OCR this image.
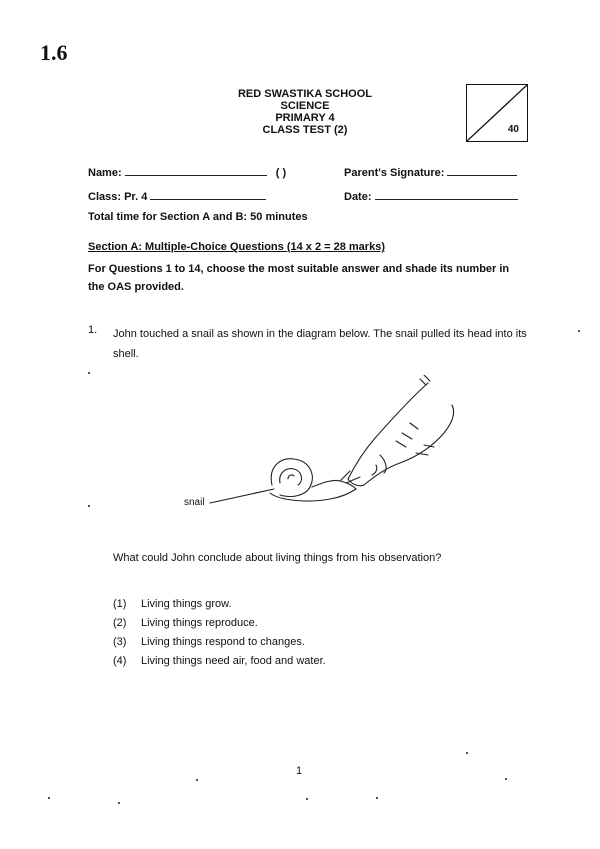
1.6
RED SWASTIKA SCHOOL
SCIENCE
PRIMARY 4
CLASS TEST (2)	40
Name:	( )	Parent's Signature:
Class: Pr. 4	Date:
Total time for Section A and B: 50 minutes
Section A: Multiple-Choice Questions (14 x 2 = 28 marks)
For Questions 1 to 14, choose the most suitable answer and shade its number in the OAS provided.
1. John touched a snail as shown in the diagram below. The snail pulled its head into its shell.
snail
What could John conclude about living things from his observation?
(1) Living things grow.
(2) Living things reproduce.
(3) Living things respond to changes.
(4) Living things need air, food and water.
1
